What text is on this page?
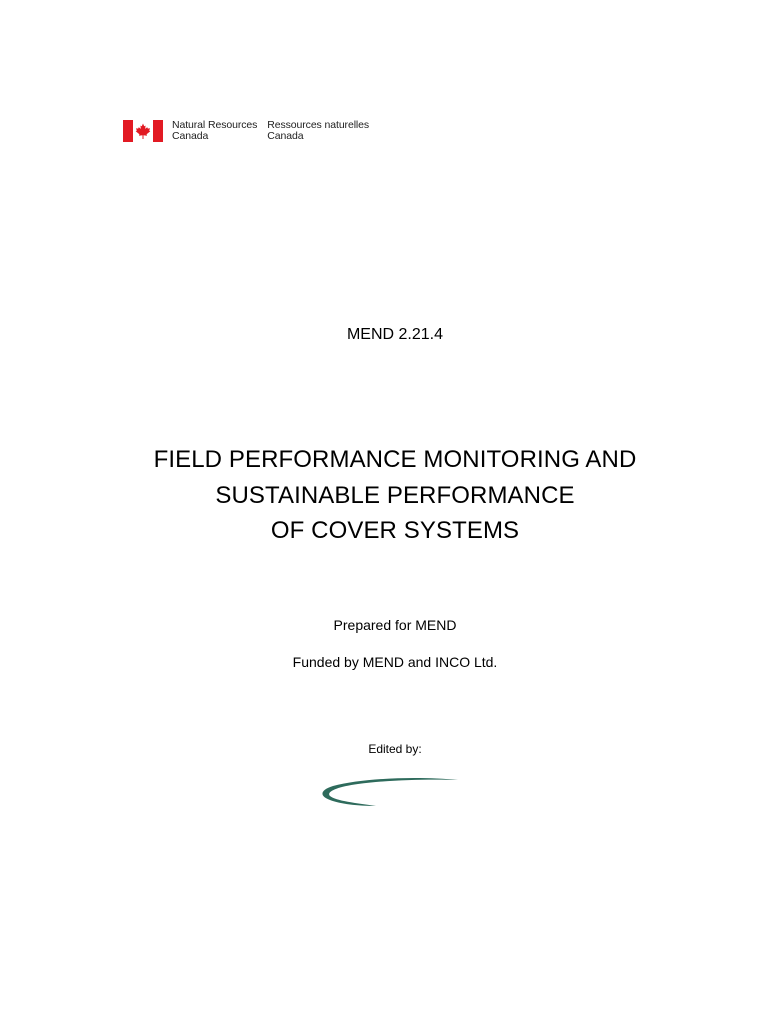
Natural Resources
Canada
Ressources naturelles
Canada
MEND 2.21.4
FIELD PERFORMANCE MONITORING AND
SUSTAINABLE PERFORMANCE
OF COVER SYSTEMS
Prepared for MEND
Funded by MEND and INCO Ltd.
Edited by:
